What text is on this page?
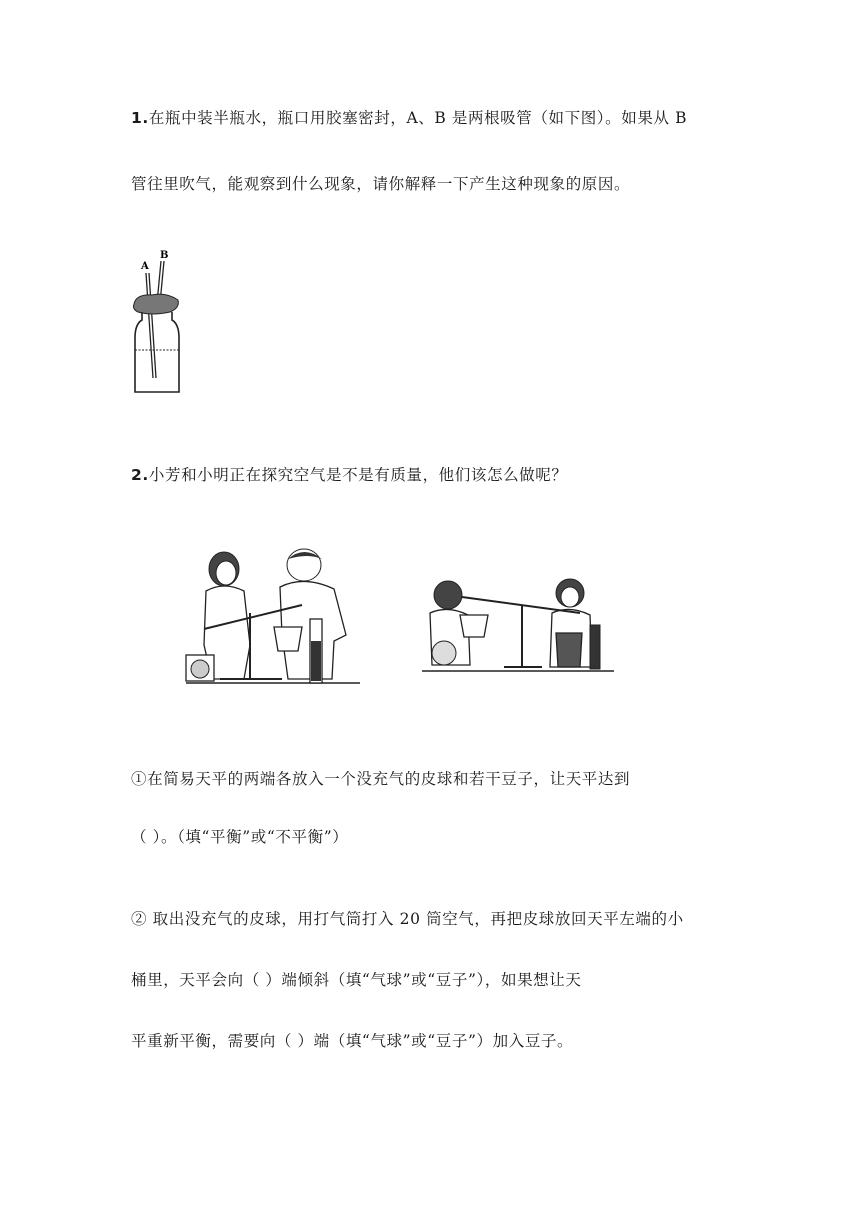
1.在瓶中装半瓶水，瓶口用胶塞密封，A、B 是两根吸管（如下图）。如果从 B
管往里吹气，能观察到什么现象，请你解释一下产生这种现象的原因。
A
B
2.小芳和小明正在探究空气是不是有质量，他们该怎么做呢？
①在简易天平的两端各放入一个没充气的皮球和若干豆子，让天平达到
（ ）。（填“平衡”或“不平衡”）
② 取出没充气的皮球，用打气筒打入 20 筒空气，再把皮球放回天平左端的小
桶里，天平会向（ ）端倾斜（填“气球”或“豆子”），如果想让天
平重新平衡，需要向（ ）端（填“气球”或“豆子”）加入豆子。
